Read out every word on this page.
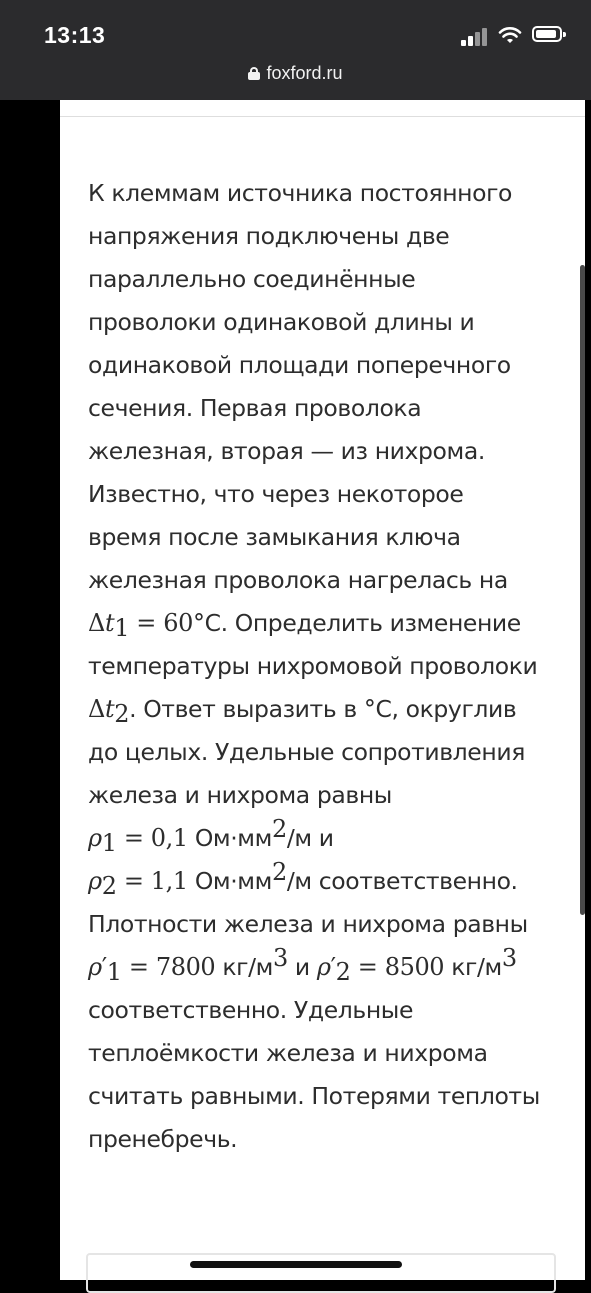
13:13
foxford.ru
К клеммам источника постоянного
напряжения подключены две
параллельно соединённые
проволоки одинаковой длины и
одинаковой площади поперечного
сечения. Первая проволока
железная, вторая — из нихрома.
Известно, что через некоторое
время после замыкания ключа
железная проволока нагрелась на
$\Delta t_1 = 60^\circ С$. Определить изменение
температуры нихромовой проволоки
$\Delta t_2$. Ответ выразить в °С, округлив
до целых. Удельные сопротивления
железа и нихрома равны
$\rho_1 = 0,1$ $Ом\cdot мм^2/м$ и
$\rho_2 = 1,1$ $Ом\cdot мм^2/м$ соответственно.
Плотности железа и нихрома равны
$\rho'_1 = 7800$ $кг/м^3$ и $\rho'_2 = 8500$ $кг/м^3$
соответственно. Удельные
теплоёмкости железа и нихрома
считать равными. Потерями теплоты
пренебречь.
